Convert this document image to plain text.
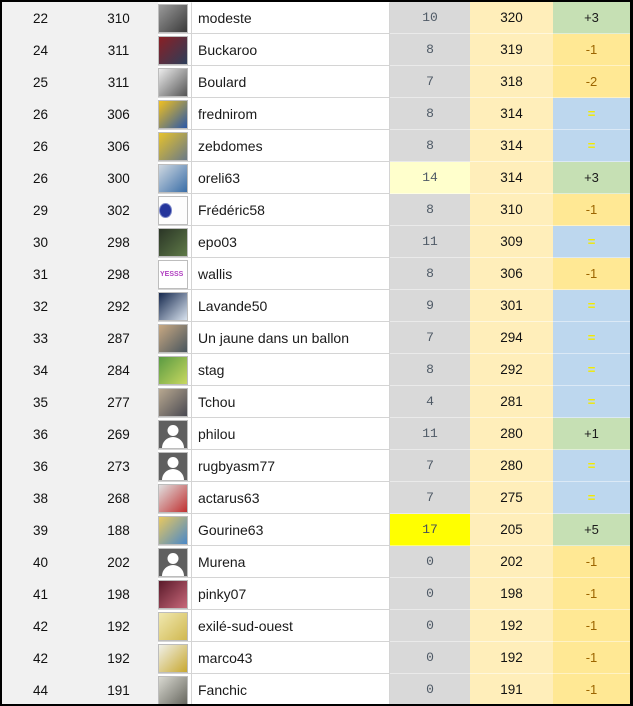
22	310	modeste	10	320	+3
24	311	Buckaroo	8	319	-1
25	311	Boulard	7	318	-2
26	306	frednirom	8	314	=
26	306	zebdomes	8	314	=
26	300	oreli63	14	314	+3
29	302	Frédéric58	8	310	-1
30	298	epo03	11	309	=
31	298	YESSS	wallis	8	306	-1
32	292	Lavande50	9	301	=
33	287	Un jaune dans un ballon	7	294	=
34	284	stag	8	292	=
35	277	Tchou	4	281	=
36	269	philou	11	280	+1
36	273	rugbyasm77	7	280	=
38	268	actarus63	7	275	=
39	188	Gourine63	17	205	+5
40	202	Murena	0	202	-1
41	198	pinky07	0	198	-1
42	192	exilé-sud-ouest	0	192	-1
42	192	marco43	0	192	-1
44	191	Fanchic	0	191	-1
